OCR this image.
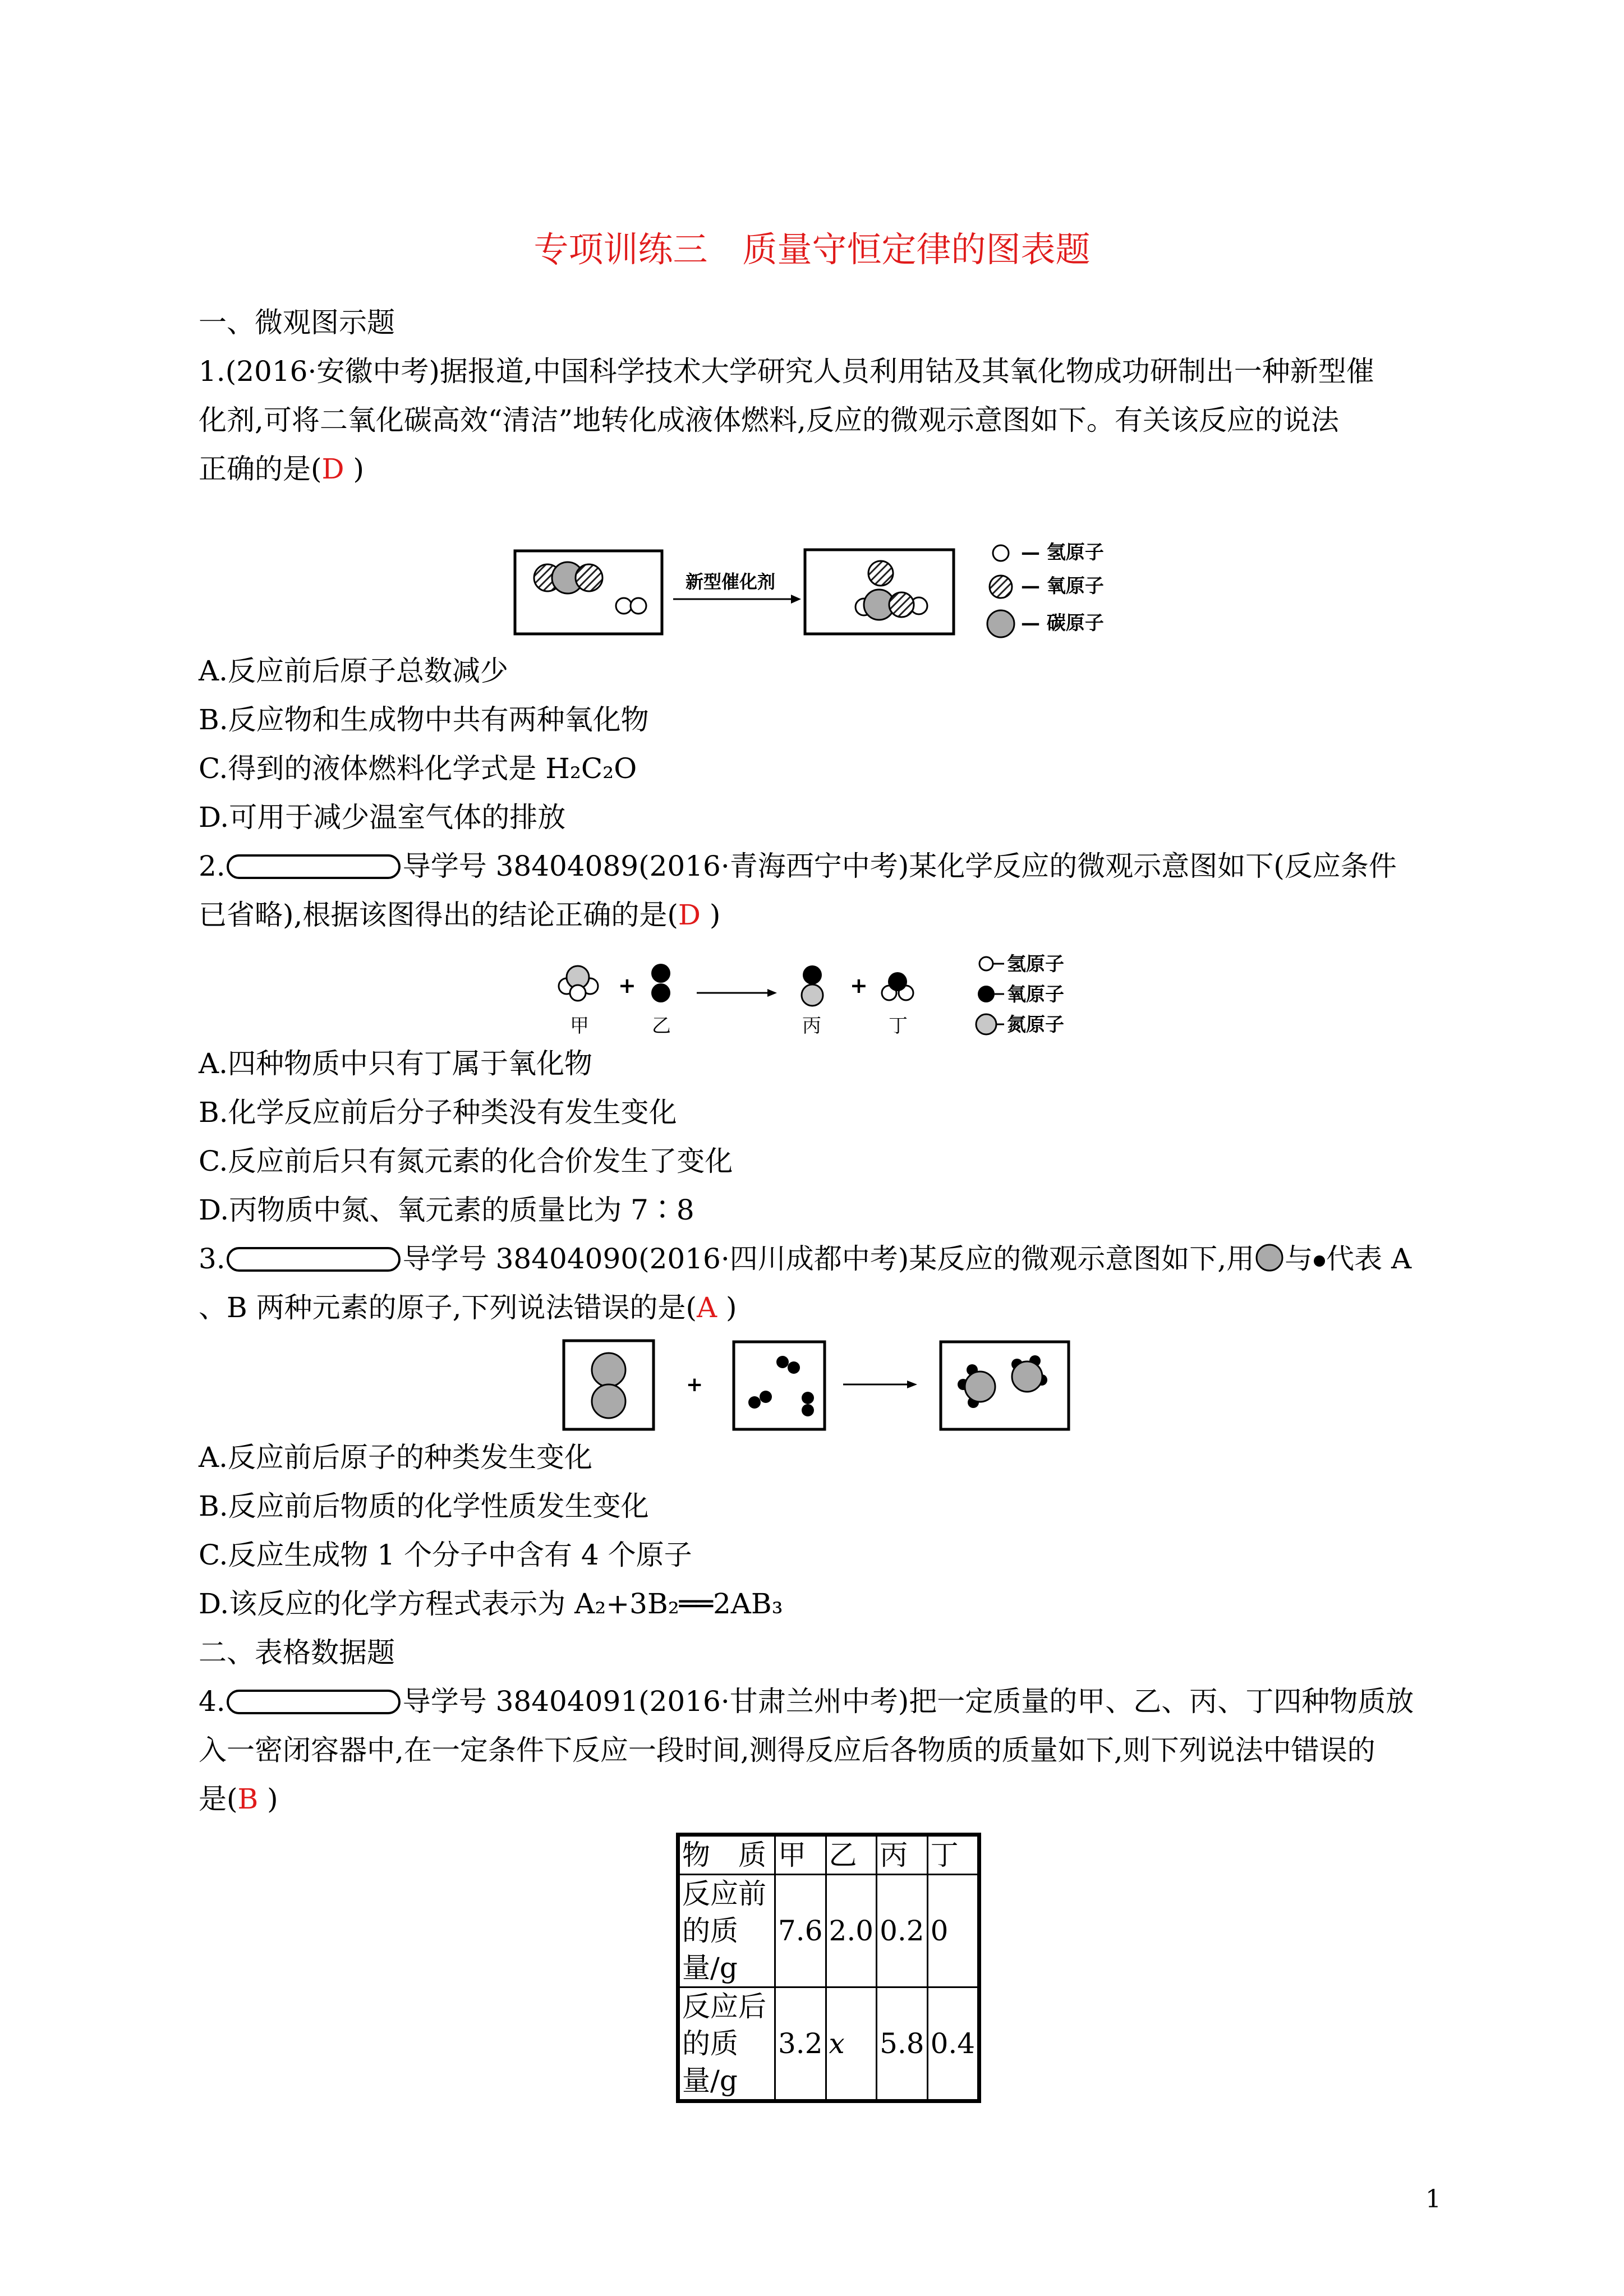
专项训练三　质量守恒定律的图表题
一、微观图示题
1.(2016·安徽中考)据报道,中国科学技术大学研究人员利用钴及其氧化物成功研制出一种新型催
化剂,可将二氧化碳高效“清洁”地转化成液体燃料,反应的微观示意图如下。有关该反应的说法
正确的是(D )
新型催化剂
— 氢原子
— 氧原子
— 碳原子
A.反应前后原子总数减少
B.反应物和生成物中共有两种氧化物
C.得到的液体燃料化学式是 H₂C₂O
D.可用于减少温室气体的排放
2.	导学号 38404089(2016·青海西宁中考)某化学反应的微观示意图如下(反应条件
已省略),根据该图得出的结论正确的是(D )
甲
+
乙	丙
+
丁
氢原子
氧原子
氮原子
A.四种物质中只有丁属于氧化物
B.化学反应前后分子种类没有发生变化
C.反应前后只有氮元素的化合价发生了变化
D.丙物质中氮、氧元素的质量比为 7∶8
3.	导学号 38404090(2016·四川成都中考)某反应的微观示意图如下,用 与 代表 A
、B 两种元素的原子,下列说法错误的是(A )
+
A.反应前后原子的种类发生变化
B.反应前后物质的化学性质发生变化
C.反应生成物 1 个分子中含有 4 个原子
D.该反应的化学方程式表示为 A₂+3B₂══2AB₃
二、表格数据题
4.	导学号 38404091(2016·甘肃兰州中考)把一定质量的甲、乙、丙、丁四种物质放
入一密闭容器中,在一定条件下反应一段时间,测得反应后各物质的质量如下,则下列说法中错误的
是(B )
物　质	甲	乙	丙	丁
反应前的质量/g	7.6	2.0	0.2	0
反应后的质量/g	3.2	x	5.8	0.4
1
